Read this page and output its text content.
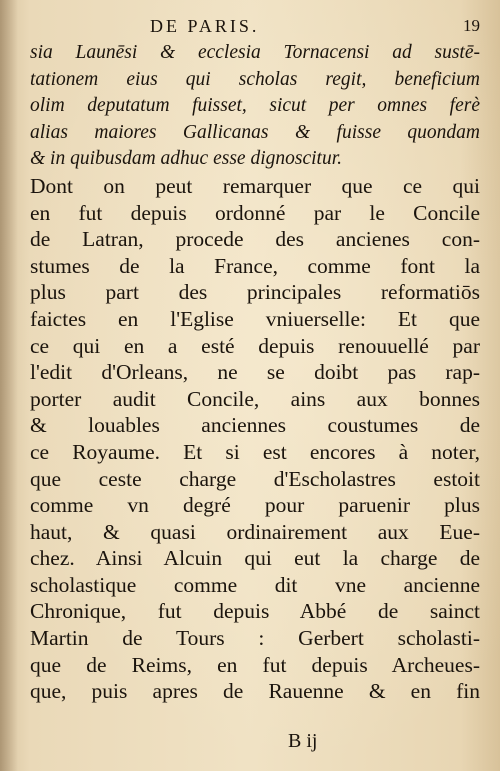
DE PARIS.	19
sia Launēsi & ecclesia Tornacensi ad sustē-
tationem eius qui scholas regit, beneficium
olim deputatum fuisset, sicut per omnes ferè
alias maiores Gallicanas & fuisse quondam
& in quibusdam adhuc esse dignoscitur.
Dont on peut remarquer que ce qui
en fut depuis ordonné par le Concile
de Latran, procede des ancienes con-
stumes de la France, comme font la
plus part des principales reformatiōs
faictes en l'Eglise vniuerselle: Et que
ce qui en a esté depuis renouuellé par
l'edit d'Orleans, ne se doibt pas rap-
porter audit Concile, ains aux bonnes
& louables anciennes coustumes de
ce Royaume. Et si est encores à noter,
que ceste charge d'Escholastres estoit
comme vn degré pour paruenir plus
haut, & quasi ordinairement aux Eue-
chez. Ainsi Alcuin qui eut la charge de
scholastique comme dit vne ancienne
Chronique, fut depuis Abbé de sainct
Martin de Tours : Gerbert scholasti-
que de Reims, en fut depuis Archeues-
que, puis apres de Rauenne & en fin
B ij
